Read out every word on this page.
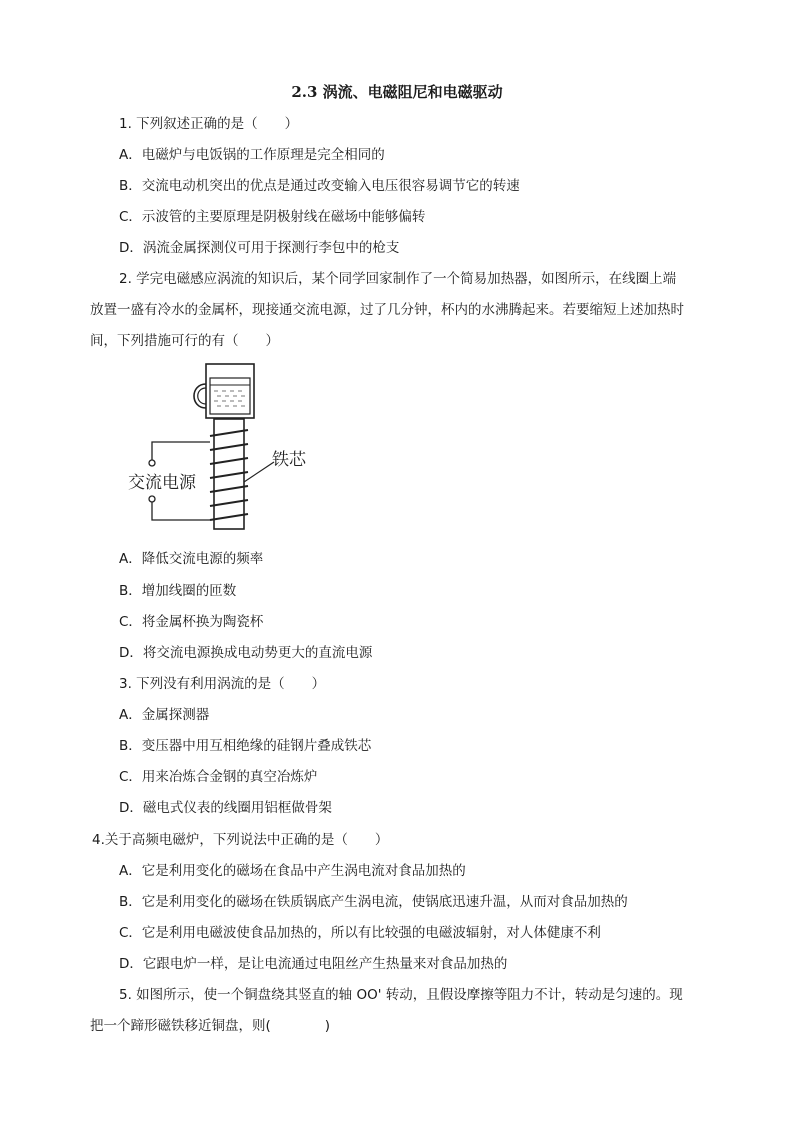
2.3 涡流、电磁阻尼和电磁驱动
1. 下列叙述正确的是（　　）
A．电磁炉与电饭锅的工作原理是完全相同的
B．交流电动机突出的优点是通过改变输入电压很容易调节它的转速
C．示波管的主要原理是阴极射线在磁场中能够偏转
D．涡流金属探测仪可用于探测行李包中的枪支
2. 学完电磁感应涡流的知识后，某个同学回家制作了一个简易加热器，如图所示，在线圈上端
放置一盛有冷水的金属杯，现接通交流电源，过了几分钟，杯内的水沸腾起来。若要缩短上述加热时
间，下列措施可行的有（　　）
交流电源
铁芯
A．降低交流电源的频率
B．增加线圈的匝数
C．将金属杯换为陶瓷杯
D．将交流电源换成电动势更大的直流电源
3. 下列没有利用涡流的是（　　）
A．金属探测器
B．变压器中用互相绝缘的硅钢片叠成铁芯
C．用来冶炼合金钢的真空冶炼炉
D．磁电式仪表的线圈用铝框做骨架
4.关于高频电磁炉，下列说法中正确的是（　　）
A．它是利用变化的磁场在食品中产生涡电流对食品加热的
B．它是利用变化的磁场在铁质锅底产生涡电流，使锅底迅速升温，从而对食品加热的
C．它是利用电磁波使食品加热的，所以有比较强的电磁波辐射，对人体健康不利
D．它跟电炉一样，是让电流通过电阻丝产生热量来对食品加热的
5. 如图所示，使一个铜盘绕其竖直的轴 OO' 转动，且假设摩擦等阻力不计，转动是匀速的。现
把一个蹄形磁铁移近铜盘，则(　　　　)
